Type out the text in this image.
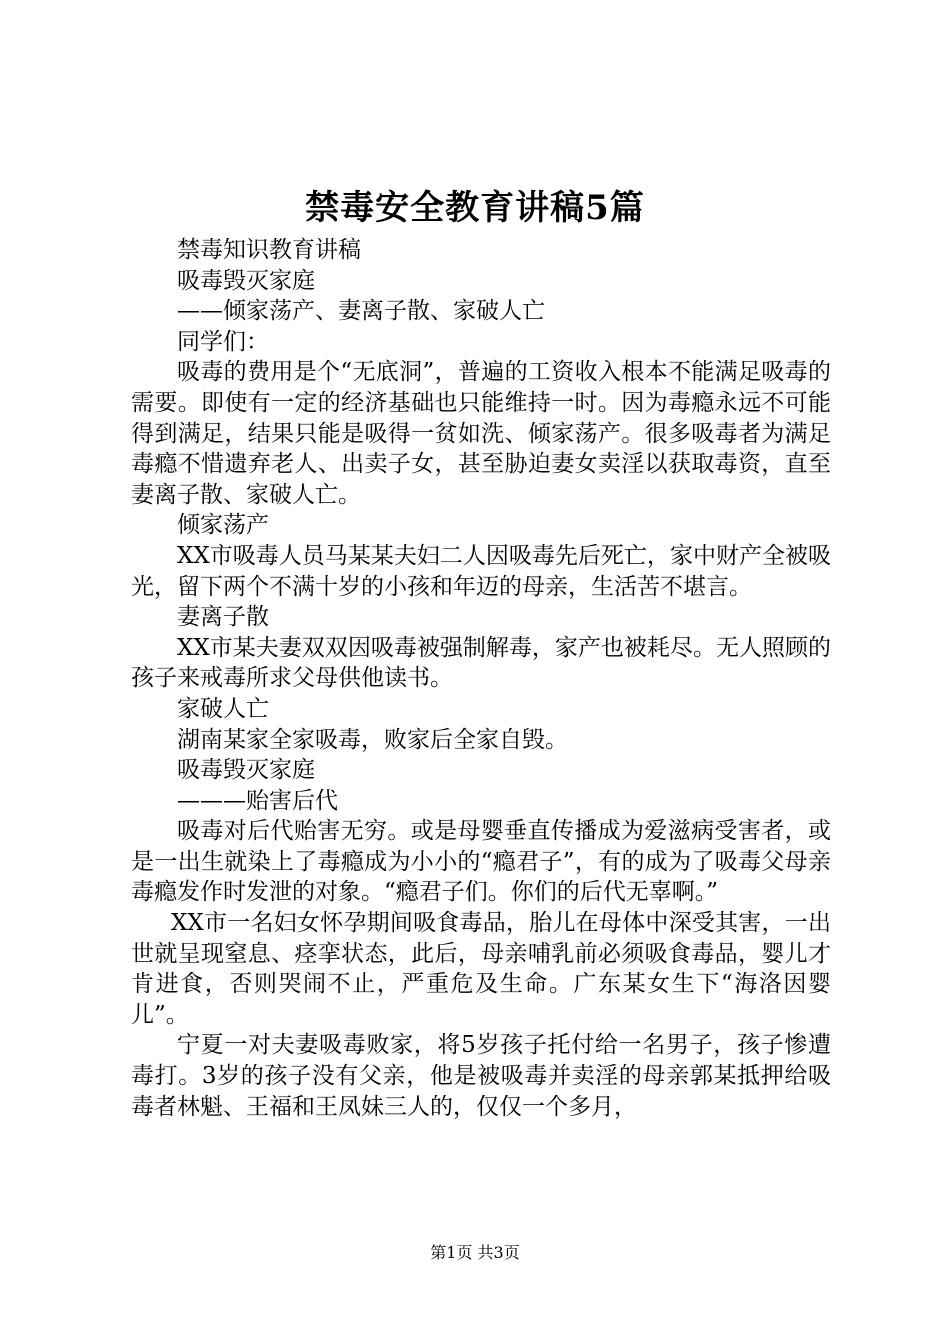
禁毒安全教育讲稿5篇

禁毒知识教育讲稿

吸毒毁灭家庭

——倾家荡产、妻离子散、家破人亡

同学们：

吸毒的费用是个“无底洞”，普遍的工资收入根本不能满足吸毒的需要。即使有一定的经济基础也只能维持一时。因为毒瘾永远不可能得到满足，结果只能是吸得一贫如洗、倾家荡产。很多吸毒者为满足毒瘾不惜遗弃老人、出卖子女，甚至胁迫妻女卖淫以获取毒资，直至妻离子散、家破人亡。

倾家荡产

XX市吸毒人员马某某夫妇二人因吸毒先后死亡，家中财产全被吸光，留下两个不满十岁的小孩和年迈的母亲，生活苦不堪言。

妻离子散

XX市某夫妻双双因吸毒被强制解毒，家产也被耗尽。无人照顾的孩子来戒毒所求父母供他读书。

家破人亡

湖南某家全家吸毒，败家后全家自毁。

吸毒毁灭家庭

———贻害后代

吸毒对后代贻害无穷。或是母婴垂直传播成为爱滋病受害者，或是一出生就染上了毒瘾成为小小的“瘾君子”，有的成为了吸毒父母亲毒瘾发作时发泄的对象。“瘾君子们。你们的后代无辜啊。”

XX市一名妇女怀孕期间吸食毒品，胎儿在母体中深受其害，一出世就呈现窒息、痉挛状态，此后，母亲哺乳前必须吸食毒品，婴儿才肯进食，否则哭闹不止，严重危及生命。广东某女生下“海洛因婴儿”。

宁夏一对夫妻吸毒败家，将5岁孩子托付给一名男子，孩子惨遭毒打。3岁的孩子没有父亲，他是被吸毒并卖淫的母亲郭某抵押给吸毒者林魁、王福和王凤妹三人的，仅仅一个多月，

第1页 共3页
